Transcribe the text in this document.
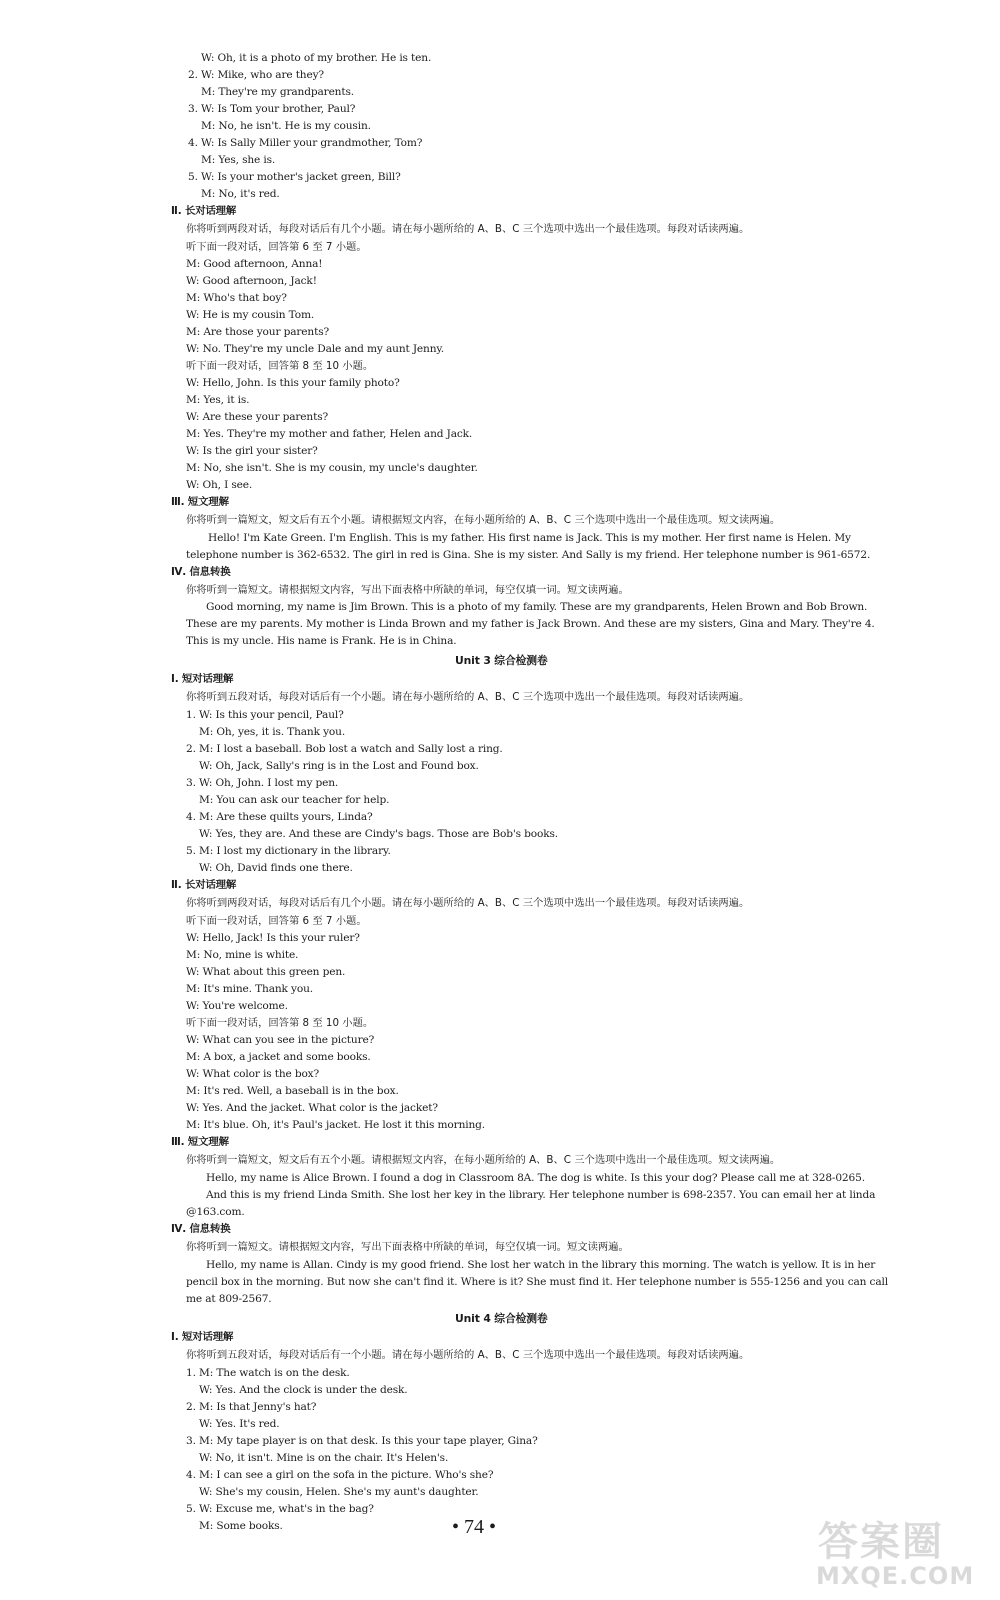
W: Oh, it is a photo of my brother. He is ten.
2. W: Mike, who are they?
M: They're my grandparents.
3. W: Is Tom your brother, Paul?
M: No, he isn't. He is my cousin.
4. W: Is Sally Miller your grandmother, Tom?
M: Yes, she is.
5. W: Is your mother's jacket green, Bill?
M: No, it's red.
Ⅱ. 长对话理解
你将听到两段对话，每段对话后有几个小题。请在每小题所给的 A、B、C 三个选项中选出一个最佳选项。每段对话读两遍。
听下面一段对话，回答第 6 至 7 小题。
M: Good afternoon, Anna!
W: Good afternoon, Jack!
M: Who's that boy?
W: He is my cousin Tom.
M: Are those your parents?
W: No. They're my uncle Dale and my aunt Jenny.
听下面一段对话，回答第 8 至 10 小题。
W: Hello, John. Is this your family photo?
M: Yes, it is.
W: Are these your parents?
M: Yes. They're my mother and father, Helen and Jack.
W: Is the girl your sister?
M: No, she isn't. She is my cousin, my uncle's daughter.
W: Oh, I see.
Ⅲ. 短文理解
你将听到一篇短文，短文后有五个小题。请根据短文内容，在每小题所给的 A、B、C 三个选项中选出一个最佳选项。短文读两遍。
Hello! I'm Kate Green. I'm English. This is my father. His first name is Jack. This is my mother. Her first name is Helen. My
telephone number is 362-6532. The girl in red is Gina. She is my sister. And Sally is my friend. Her telephone number is 961-6572.
Ⅳ. 信息转换
你将听到一篇短文。请根据短文内容，写出下面表格中所缺的单词，每空仅填一词。短文读两遍。
Good morning, my name is Jim Brown. This is a photo of my family. These are my grandparents, Helen Brown and Bob Brown.
These are my parents. My mother is Linda Brown and my father is Jack Brown. And these are my sisters, Gina and Mary. They're 4.
This is my uncle. His name is Frank. He is in China.
Unit 3 综合检测卷
Ⅰ. 短对话理解
你将听到五段对话，每段对话后有一个小题。请在每小题所给的 A、B、C 三个选项中选出一个最佳选项。每段对话读两遍。
1. W: Is this your pencil, Paul?
M: Oh, yes, it is. Thank you.
2. M: I lost a baseball. Bob lost a watch and Sally lost a ring.
W: Oh, Jack, Sally's ring is in the Lost and Found box.
3. W: Oh, John. I lost my pen.
M: You can ask our teacher for help.
4. M: Are these quilts yours, Linda?
W: Yes, they are. And these are Cindy's bags. Those are Bob's books.
5. M: I lost my dictionary in the library.
W: Oh, David finds one there.
Ⅱ. 长对话理解
你将听到两段对话，每段对话后有几个小题。请在每小题所给的 A、B、C 三个选项中选出一个最佳选项。每段对话读两遍。
听下面一段对话，回答第 6 至 7 小题。
W: Hello, Jack! Is this your ruler?
M: No, mine is white.
W: What about this green pen.
M: It's mine. Thank you.
W: You're welcome.
听下面一段对话，回答第 8 至 10 小题。
W: What can you see in the picture?
M: A box, a jacket and some books.
W: What color is the box?
M: It's red. Well, a baseball is in the box.
W: Yes. And the jacket. What color is the jacket?
M: It's blue. Oh, it's Paul's jacket. He lost it this morning.
Ⅲ. 短文理解
你将听到一篇短文，短文后有五个小题。请根据短文内容，在每小题所给的 A、B、C 三个选项中选出一个最佳选项。短文读两遍。
Hello, my name is Alice Brown. I found a dog in Classroom 8A. The dog is white. Is this your dog? Please call me at 328-0265.
And this is my friend Linda Smith. She lost her key in the library. Her telephone number is 698-2357. You can email her at linda
@163.com.
Ⅳ. 信息转换
你将听到一篇短文。请根据短文内容，写出下面表格中所缺的单词，每空仅填一词。短文读两遍。
Hello, my name is Allan. Cindy is my good friend. She lost her watch in the library this morning. The watch is yellow. It is in her
pencil box in the morning. But now she can't find it. Where is it? She must find it. Her telephone number is 555-1256 and you can call
me at 809-2567.
Unit 4 综合检测卷
Ⅰ. 短对话理解
你将听到五段对话，每段对话后有一个小题。请在每小题所给的 A、B、C 三个选项中选出一个最佳选项。每段对话读两遍。
1. M: The watch is on the desk.
W: Yes. And the clock is under the desk.
2. M: Is that Jenny's hat?
W: Yes. It's red.
3. M: My tape player is on that desk. Is this your tape player, Gina?
W: No, it isn't. Mine is on the chair. It's Helen's.
4. M: I can see a girl on the sofa in the picture. Who's she?
W: She's my cousin, Helen. She's my aunt's daughter.
5. W: Excuse me, what's in the bag?
M: Some books.	• 74 •	答案圈
MXQE.COM
